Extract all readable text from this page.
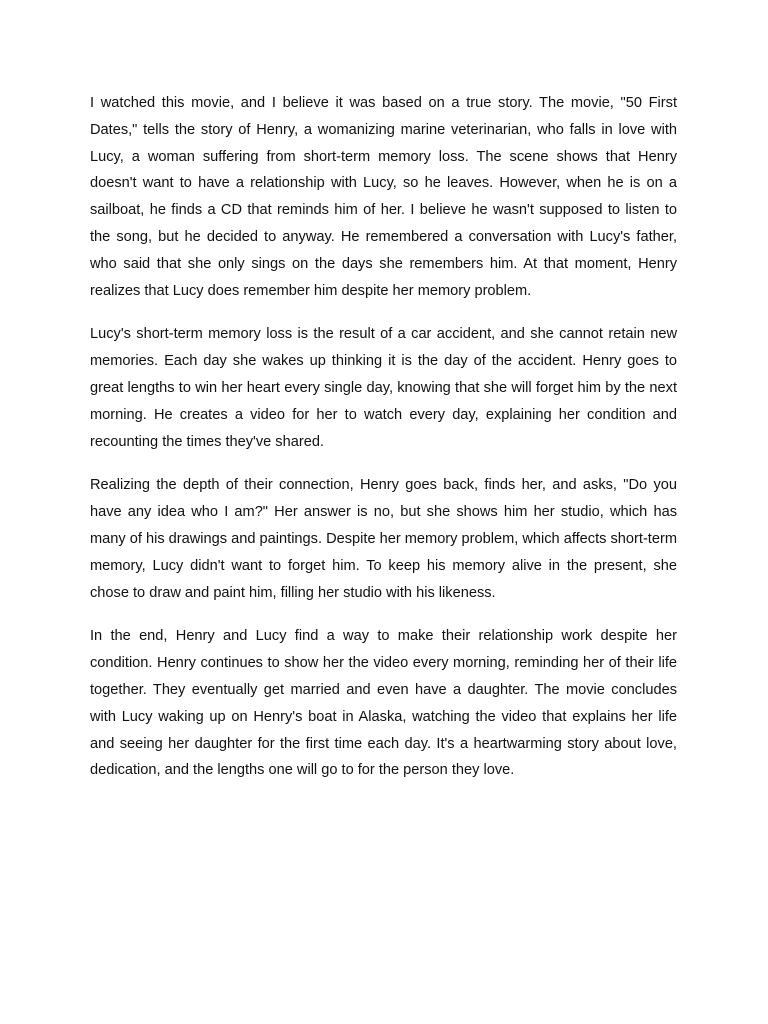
I watched this movie, and I believe it was based on a true story. The movie, "50 First Dates," tells the story of Henry, a womanizing marine veterinarian, who falls in love with Lucy, a woman suffering from short-term memory loss. The scene shows that Henry doesn't want to have a relationship with Lucy, so he leaves. However, when he is on a sailboat, he finds a CD that reminds him of her. I believe he wasn't supposed to listen to the song, but he decided to anyway. He remembered a conversation with Lucy's father, who said that she only sings on the days she remembers him. At that moment, Henry realizes that Lucy does remember him despite her memory problem.

Lucy's short-term memory loss is the result of a car accident, and she cannot retain new memories. Each day she wakes up thinking it is the day of the accident. Henry goes to great lengths to win her heart every single day, knowing that she will forget him by the next morning. He creates a video for her to watch every day, explaining her condition and recounting the times they've shared.

Realizing the depth of their connection, Henry goes back, finds her, and asks, "Do you have any idea who I am?" Her answer is no, but she shows him her studio, which has many of his drawings and paintings. Despite her memory problem, which affects short-term memory, Lucy didn't want to forget him. To keep his memory alive in the present, she chose to draw and paint him, filling her studio with his likeness.

In the end, Henry and Lucy find a way to make their relationship work despite her condition. Henry continues to show her the video every morning, reminding her of their life together. They eventually get married and even have a daughter. The movie concludes with Lucy waking up on Henry's boat in Alaska, watching the video that explains her life and seeing her daughter for the first time each day. It's a heartwarming story about love, dedication, and the lengths one will go to for the person they love.
